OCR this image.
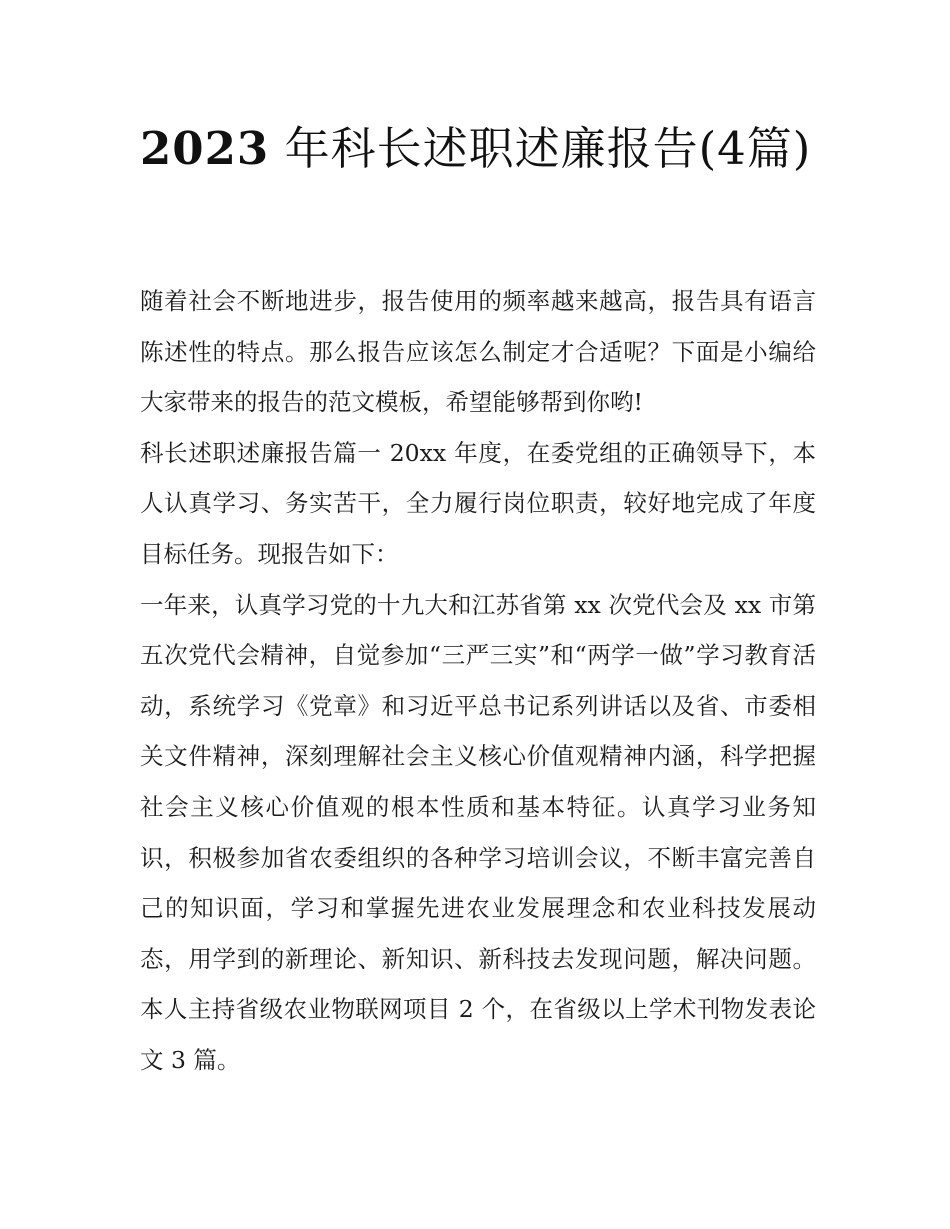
2023 年科长述职述廉报告(4篇)

随着社会不断地进步，报告使用的频率越来越高，报告具有语言陈述性的特点。那么报告应该怎么制定才合适呢？下面是小编给大家带来的报告的范文模板，希望能够帮到你哟!

科长述职述廉报告篇一 20xx 年度，在委党组的正确领导下，本人认真学习、务实苦干，全力履行岗位职责，较好地完成了年度目标任务。现报告如下：

一年来，认真学习党的十九大和江苏省第 xx 次党代会及 xx 市第五次党代会精神，自觉参加“三严三实”和“两学一做”学习教育活动，系统学习《党章》和习近平总书记系列讲话以及省、市委相关文件精神，深刻理解社会主义核心价值观精神内涵，科学把握社会主义核心价值观的根本性质和基本特征。认真学习业务知识，积极参加省农委组织的各种学习培训会议，不断丰富完善自己的知识面，学习和掌握先进农业发展理念和农业科技发展动态，用学到的新理论、新知识、新科技去发现问题，解决问题。本人主持省级农业物联网项目 2 个，在省级以上学术刊物发表论文 3 篇。
